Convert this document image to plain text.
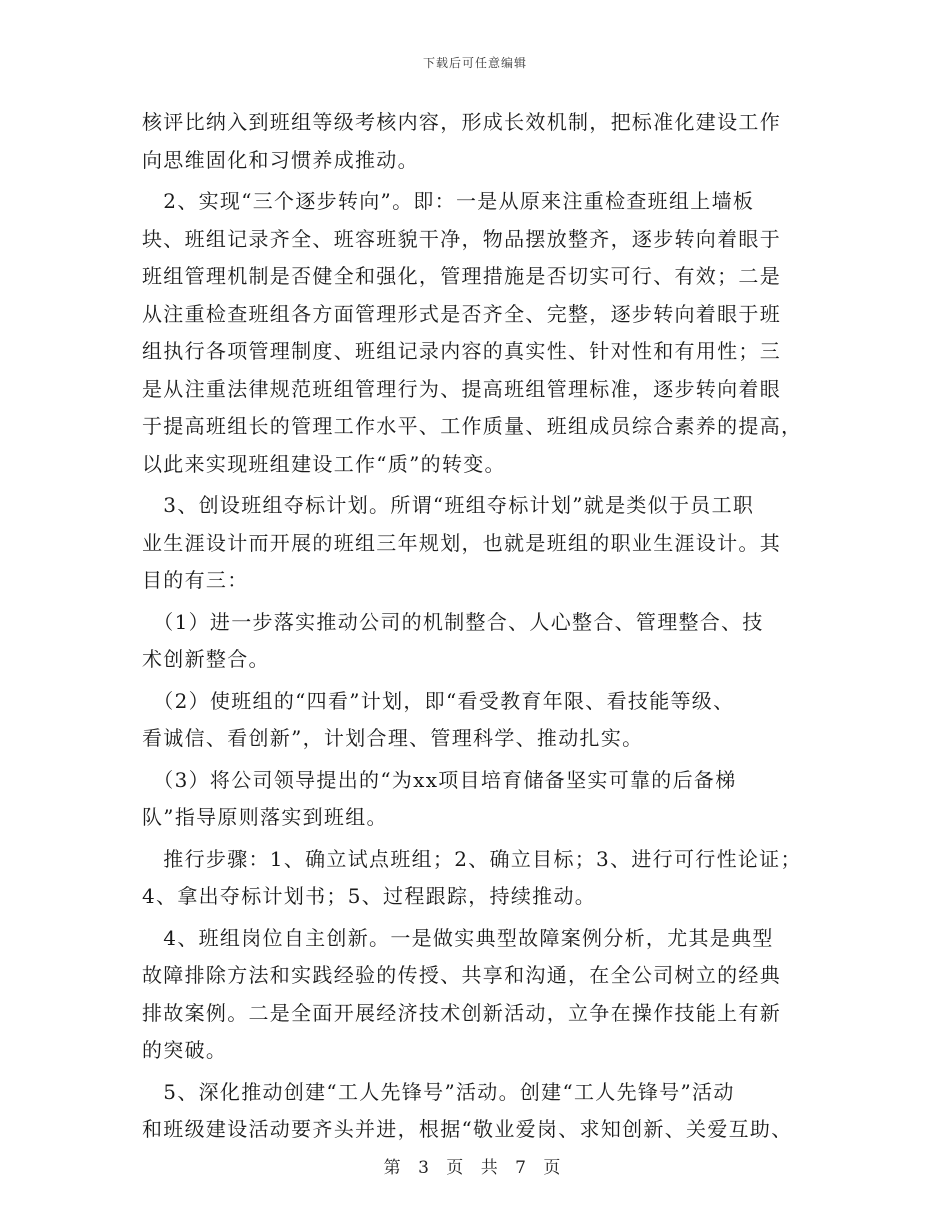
下载后可任意编辑
核评比纳入到班组等级考核内容，形成长效机制，把标准化建设工作
向思维固化和习惯养成推动。
　2、实现“三个逐步转向”。即：一是从原来注重检查班组上墙板
块、班组记录齐全、班容班貌干净，物品摆放整齐，逐步转向着眼于
班组管理机制是否健全和强化，管理措施是否切实可行、有效；二是
从注重检查班组各方面管理形式是否齐全、完整，逐步转向着眼于班
组执行各项管理制度、班组记录内容的真实性、针对性和有用性；三
是从注重法律规范班组管理行为、提高班组管理标准，逐步转向着眼
于提高班组长的管理工作水平、工作质量、班组成员综合素养的提高，
以此来实现班组建设工作“质”的转变。
　3、创设班组夺标计划。所谓“班组夺标计划”就是类似于员工职
业生涯设计而开展的班组三年规划，也就是班组的职业生涯设计。其
目的有三：
　（1）进一步落实推动公司的机制整合、人心整合、管理整合、技
术创新整合。
　（2）使班组的“四看”计划，即“看受教育年限、看技能等级、
看诚信、看创新”，计划合理、管理科学、推动扎实。
　（3）将公司领导提出的“为xx项目培育储备坚实可靠的后备梯
队”指导原则落实到班组。
　推行步骤：1、确立试点班组；2、确立目标；3、进行可行性论证；
4、拿出夺标计划书；5、过程跟踪，持续推动。
　4、班组岗位自主创新。一是做实典型故障案例分析，尤其是典型
故障排除方法和实践经验的传授、共享和沟通，在全公司树立的经典
排故案例。二是全面开展经济技术创新活动，立争在操作技能上有新
的突破。
　5、深化推动创建“工人先锋号”活动。创建“工人先锋号”活动
和班级建设活动要齐头并进，根据“敬业爱岗、求知创新、关爱互助、
第 3 页 共 7 页
